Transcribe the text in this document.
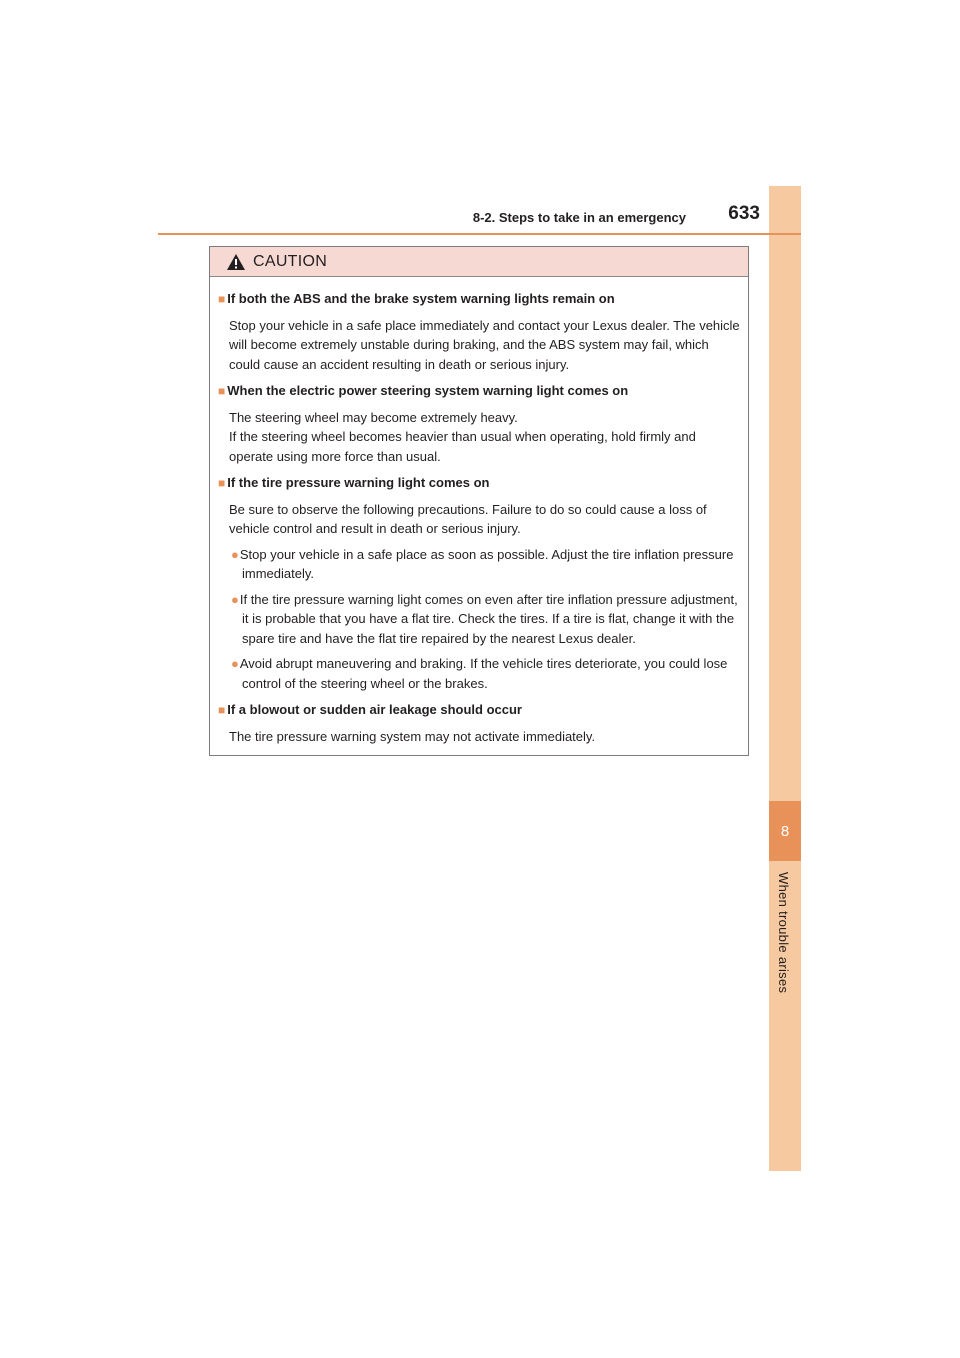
8
When trouble arises
8-2. Steps to take in an emergency	633
CAUTION
■ If both the ABS and the brake system warning lights remain on
Stop your vehicle in a safe place immediately and contact your Lexus dealer. The vehicle will become extremely unstable during braking, and the ABS system may fail, which could cause an accident resulting in death or serious injury.
■ When the electric power steering system warning light comes on
The steering wheel may become extremely heavy.
If the steering wheel becomes heavier than usual when operating, hold firmly and operate using more force than usual.
■ If the tire pressure warning light comes on
Be sure to observe the following precautions. Failure to do so could cause a loss of vehicle control and result in death or serious injury.
●Stop your vehicle in a safe place as soon as possible. Adjust the tire inflation pressure immediately.
●If the tire pressure warning light comes on even after tire inflation pressure adjustment, it is probable that you have a flat tire. Check the tires. If a tire is flat, change it with the spare tire and have the flat tire repaired by the nearest Lexus dealer.
●Avoid abrupt maneuvering and braking. If the vehicle tires deteriorate, you could lose control of the steering wheel or the brakes.
■ If a blowout or sudden air leakage should occur
The tire pressure warning system may not activate immediately.
